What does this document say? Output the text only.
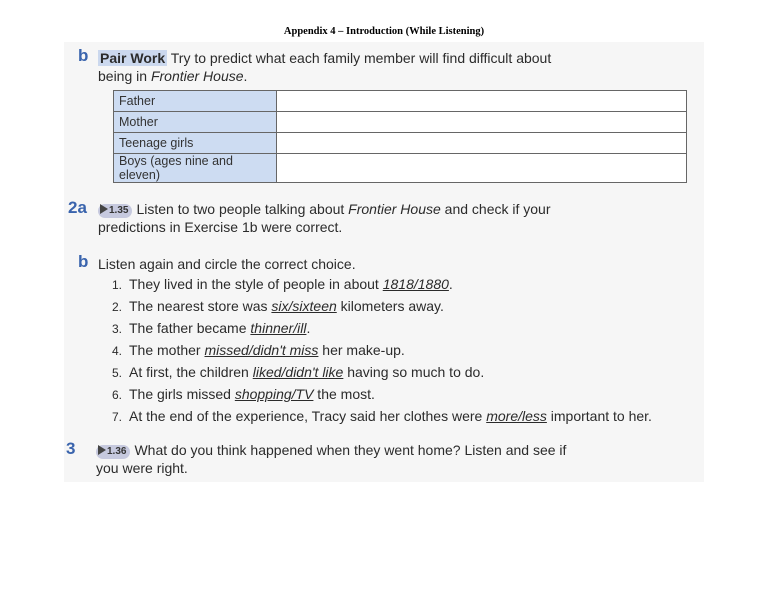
Appendix 4 – Introduction (While Listening)
b Pair Work Try to predict what each family member will find difficult about
being in Frontier House.
Father	
Mother	
Teenage girls	
Boys (ages nine and eleven)	
2a	1.35 Listen to two people talking about Frontier House and check if your
predictions in Exercise 1b were correct.
b Listen again and circle the correct choice.
1. They lived in the style of people in about 1818/1880.
2. The nearest store was six/sixteen kilometers away.
3. The father became thinner/ill.
4. The mother missed/didn't miss her make-up.
5. At first, the children liked/didn't like having so much to do.
6. The girls missed shopping/TV the most.
7. At the end of the experience, Tracy said her clothes were more/less important to her.
3	1.36 What do you think happened when they went home? Listen and see if
you were right.
